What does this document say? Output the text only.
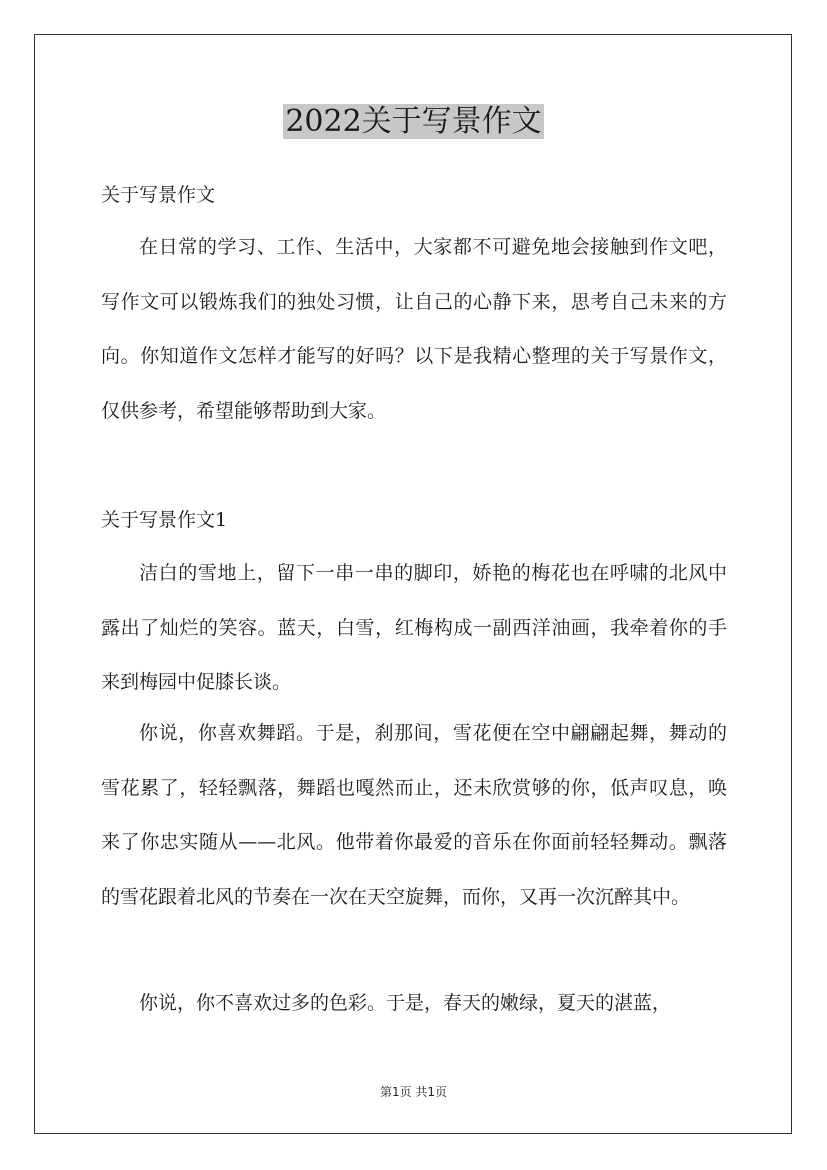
2022关于写景作文
关于写景作文

在日常的学习、工作、生活中，大家都不可避免地会接触到作文吧，写作文可以锻炼我们的独处习惯，让自己的心静下来，思考自己未来的方向。你知道作文怎样才能写的好吗？以下是我精心整理的关于写景作文，仅供参考，希望能够帮助到大家。

关于写景作文1

洁白的雪地上，留下一串一串的脚印，娇艳的梅花也在呼啸的北风中露出了灿烂的笑容。蓝天，白雪，红梅构成一副西洋油画，我牵着你的手来到梅园中促膝长谈。

你说，你喜欢舞蹈。于是，刹那间，雪花便在空中翩翩起舞，舞动的雪花累了，轻轻飘落，舞蹈也嘎然而止，还未欣赏够的你，低声叹息，唤来了你忠实随从——北风。他带着你最爱的音乐在你面前轻轻舞动。飘落的雪花跟着北风的节奏在一次在天空旋舞，而你，又再一次沉醉其中。

你说，你不喜欢过多的色彩。于是，春天的嫩绿，夏天的湛蓝，

第1页 共1页
